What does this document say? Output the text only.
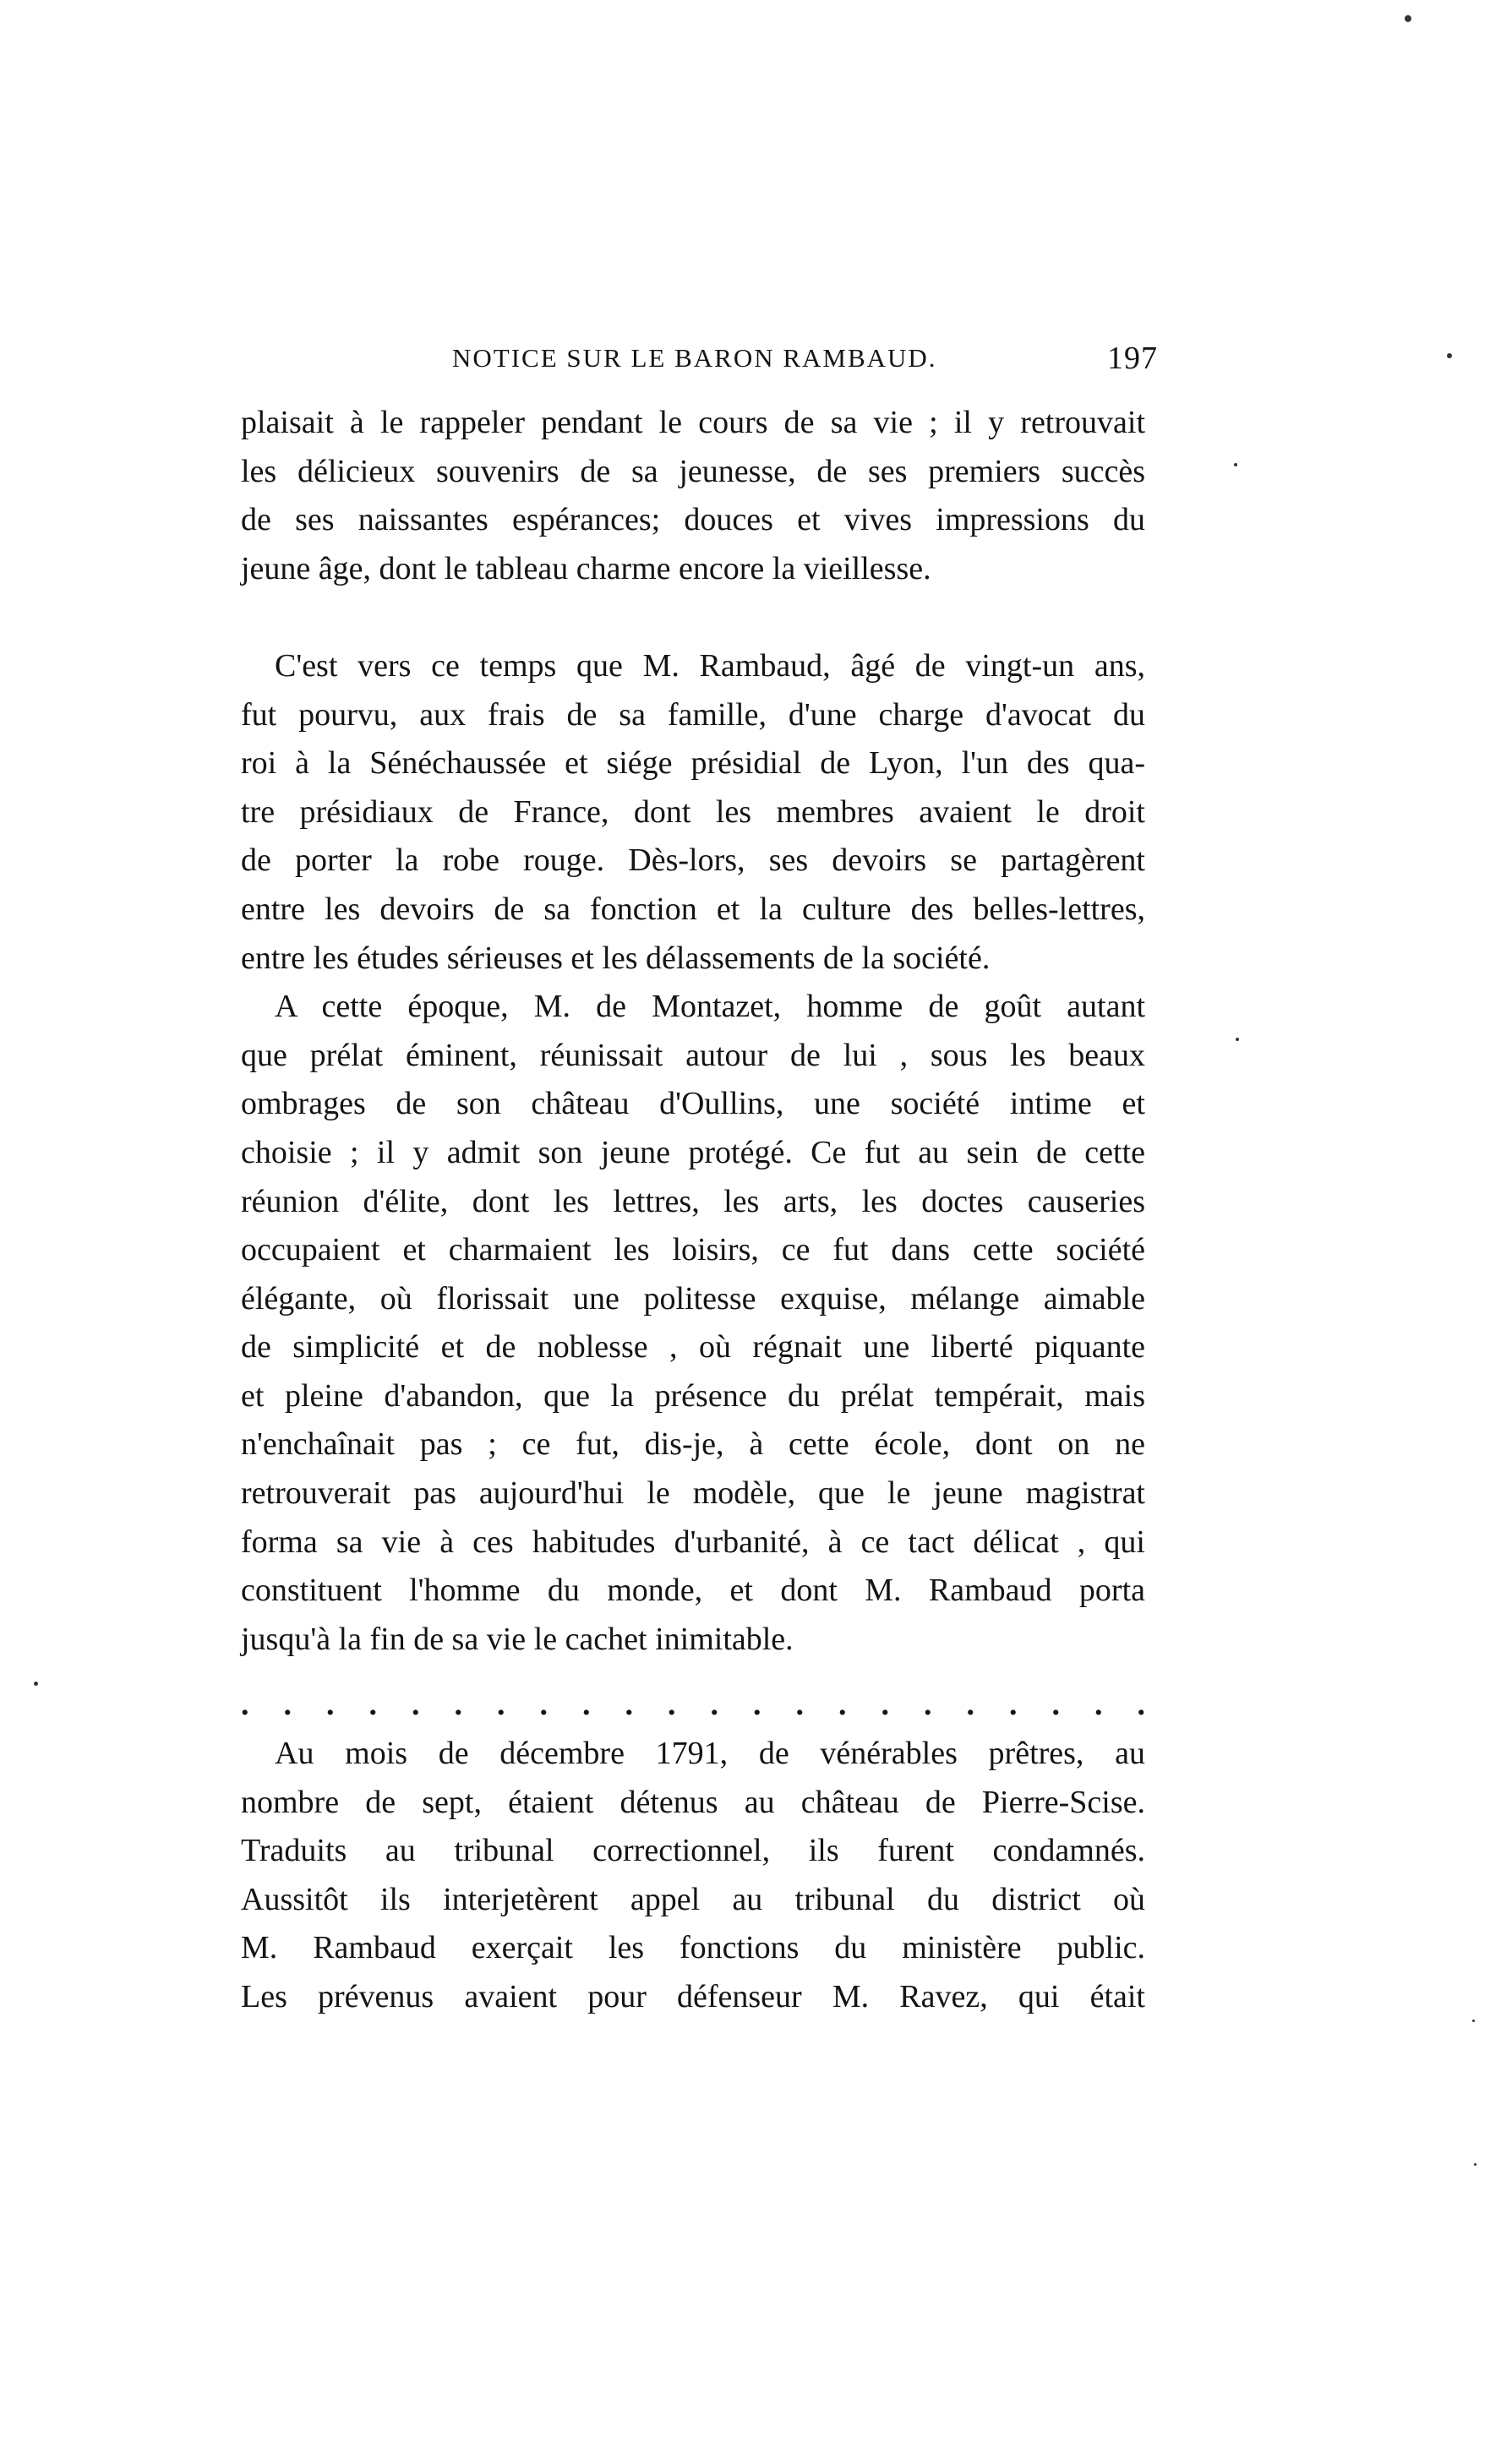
NOTICE SUR LE BARON RAMBAUD.	197
plaisait à le rappeler pendant le cours de sa vie ; il y retrouvait
les délicieux souvenirs de sa jeunesse, de ses premiers succès
de ses naissantes espérances; douces et vives impressions du
jeune âge, dont le tableau charme encore la vieillesse.
C'est vers ce temps que M. Rambaud, âgé de vingt-un ans,
fut pourvu, aux frais de sa famille, d'une charge d'avocat du
roi à la Sénéchaussée et siége présidial de Lyon, l'un des qua-
tre présidiaux de France, dont les membres avaient le droit
de porter la robe rouge. Dès-lors, ses devoirs se partagèrent
entre les devoirs de sa fonction et la culture des belles-lettres,
entre les études sérieuses et les délassements de la société.
A cette époque, M. de Montazet, homme de goût autant
que prélat éminent, réunissait autour de lui , sous les beaux
ombrages de son château d'Oullins, une société intime et
choisie ; il y admit son jeune protégé. Ce fut au sein de cette
réunion d'élite, dont les lettres, les arts, les doctes causeries
occupaient et charmaient les loisirs, ce fut dans cette société
élégante, où florissait une politesse exquise, mélange aimable
de simplicité et de noblesse , où régnait une liberté piquante
et pleine d'abandon, que la présence du prélat tempérait, mais
n'enchaînait pas ; ce fut, dis-je, à cette école, dont on ne
retrouverait pas aujourd'hui le modèle, que le jeune magistrat
forma sa vie à ces habitudes d'urbanité, à ce tact délicat , qui
constituent l'homme du monde, et dont M. Rambaud porta
jusqu'à la fin de sa vie le cachet inimitable.
. . . . . . . . . . . . . . . . . . . . . .
Au mois de décembre 1791, de vénérables prêtres, au
nombre de sept, étaient détenus au château de Pierre-Scise.
Traduits au tribunal correctionnel, ils furent condamnés.
Aussitôt ils interjetèrent appel au tribunal du district où
M. Rambaud exerçait les fonctions du ministère public.
Les prévenus avaient pour défenseur M. Ravez, qui était
